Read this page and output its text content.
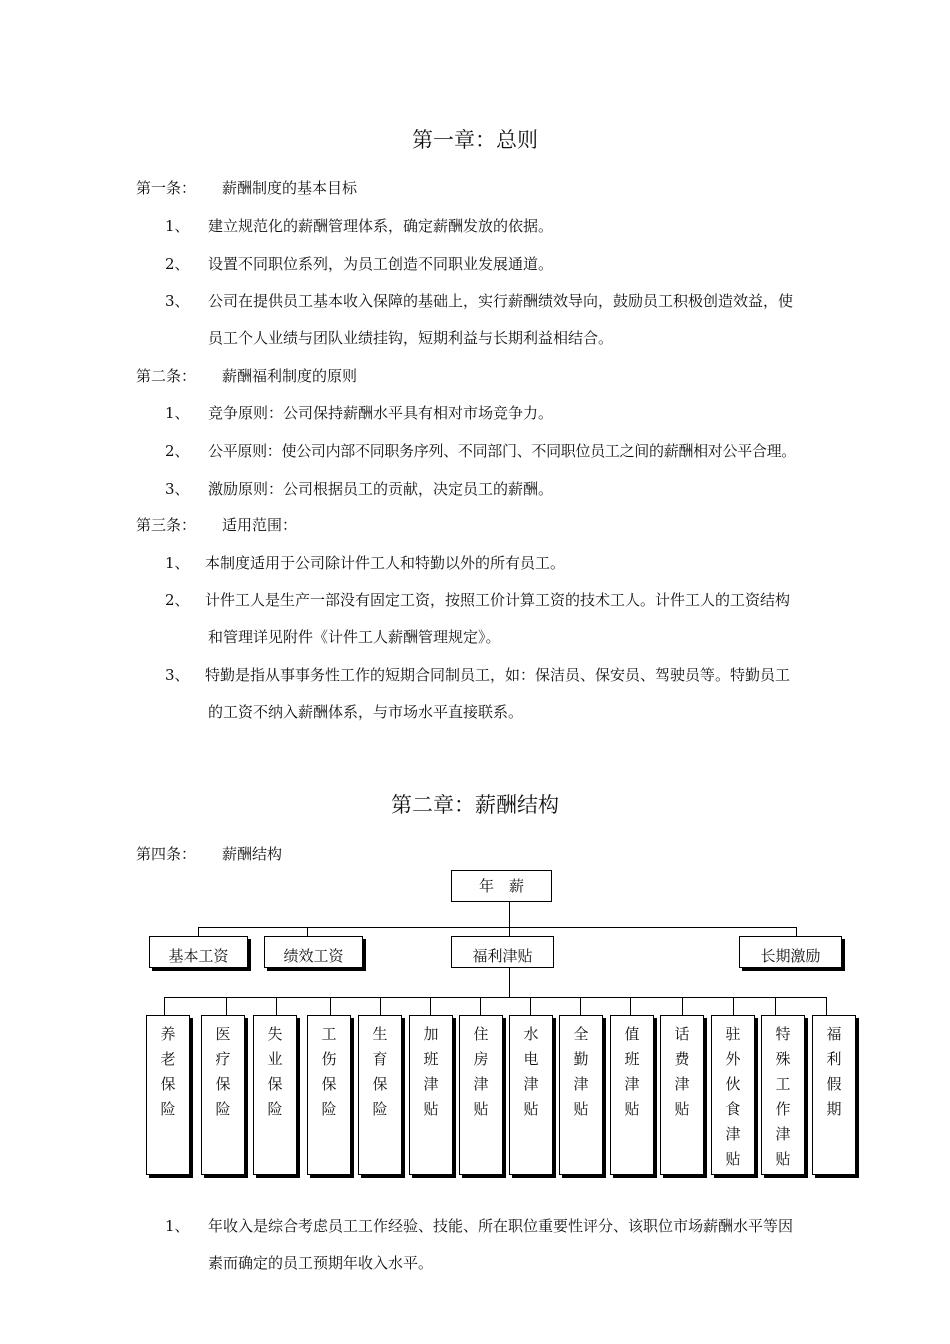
第一章：总则
第一条： 薪酬制度的基本目标
1、 建立规范化的薪酬管理体系，确定薪酬发放的依据。
2、 设置不同职位系列，为员工创造不同职业发展通道。
3、 公司在提供员工基本收入保障的基础上，实行薪酬绩效导向，鼓励员工积极创造效益，使
员工个人业绩与团队业绩挂钩，短期利益与长期利益相结合。
第二条： 薪酬福利制度的原则
1、 竞争原则：公司保持薪酬水平具有相对市场竞争力。
2、 公平原则：使公司内部不同职务序列、不同部门、不同职位员工之间的薪酬相对公平合理。
3、 激励原则：公司根据员工的贡献，决定员工的薪酬。
第三条： 适用范围：
1、 本制度适用于公司除计件工人和特勤以外的所有员工。
2、 计件工人是生产一部没有固定工资，按照工价计算工资的技术工人。计件工人的工资结构
和管理详见附件《计件工人薪酬管理规定》。
3、 特勤是指从事事务性工作的短期合同制员工，如：保洁员、保安员、驾驶员等。特勤员工
的工资不纳入薪酬体系，与市场水平直接联系。
第二章：薪酬结构
第四条： 薪酬结构
年　薪
基本工资	绩效工资	福利津贴	长期激励
养
老
保
险
医
疗
保
险
失
业
保
险
工
伤
保
险
生
育
保
险
加
班
津
贴
住
房
津
贴
水
电
津
贴
全
勤
津
贴
值
班
津
贴
话
费
津
贴
驻
外
伙
食
津
贴
特
殊
工
作
津
贴
福
利
假
期
1、 年收入是综合考虑员工工作经验、技能、所在职位重要性评分、该职位市场薪酬水平等因
素而确定的员工预期年收入水平。
